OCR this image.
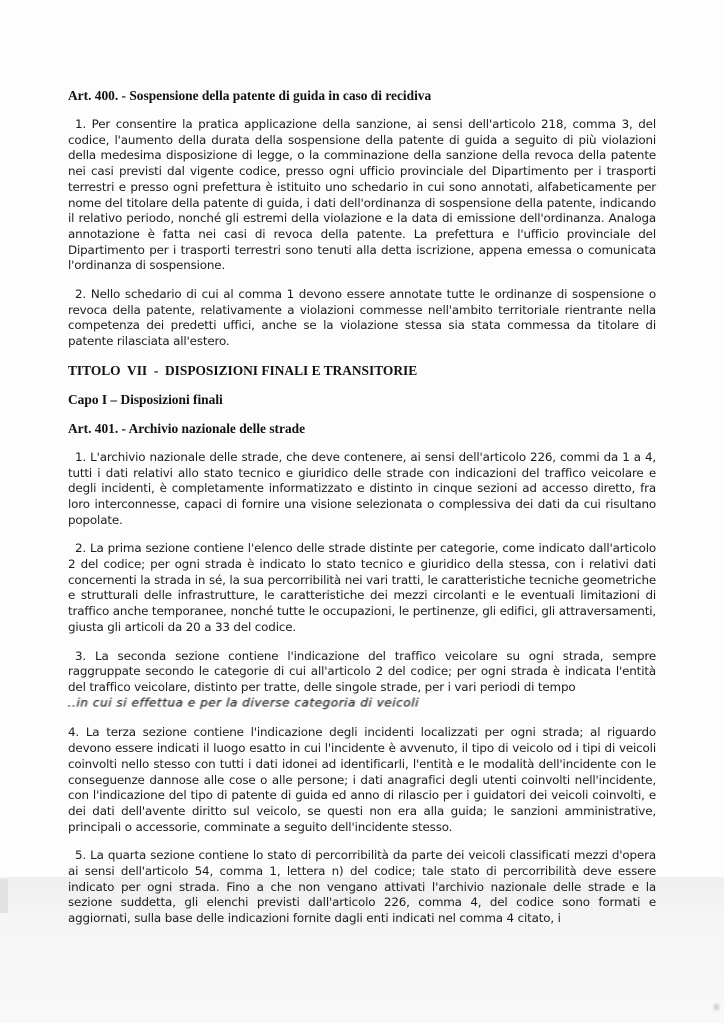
Art. 400. - Sospensione della patente di guida in caso di recidiva

1. Per consentire la pratica applicazione della sanzione, ai sensi dell'articolo 218, comma 3, del codice, l'aumento della durata della sospensione della patente di guida a seguito di più violazioni della medesima disposizione di legge, o la comminazione della sanzione della revoca della patente nei casi previsti dal vigente codice, presso ogni ufficio provinciale del Dipartimento per i trasporti terrestri e presso ogni prefettura è istituito uno schedario in cui sono annotati, alfabeticamente per nome del titolare della patente di guida, i dati dell'ordinanza di sospensione della patente, indicando il relativo periodo, nonché gli estremi della violazione e la data di emissione dell'ordinanza. Analoga annotazione è fatta nei casi di revoca della patente. La prefettura e l'ufficio provinciale del Dipartimento per i trasporti terrestri sono tenuti alla detta iscrizione, appena emessa o comunicata l'ordinanza di sospensione.

2. Nello schedario di cui al comma 1 devono essere annotate tutte le ordinanze di sospensione o revoca della patente, relativamente a violazioni commesse nell'ambito territoriale rientrante nella competenza dei predetti uffici, anche se la violazione stessa sia stata commessa da titolare di patente rilasciata all'estero.

TITOLO  VII  -  DISPOSIZIONI FINALI E TRANSITORIE
Capo I – Disposizioni finali
Art. 401. - Archivio nazionale delle strade

1. L'archivio nazionale delle strade, che deve contenere, ai sensi dell'articolo 226, commi da 1 a 4, tutti i dati relativi allo stato tecnico e giuridico delle strade con indicazioni del traffico veicolare e degli incidenti, è completamente informatizzato e distinto in cinque sezioni ad accesso diretto, fra loro interconnesse, capaci di fornire una visione selezionata o complessiva dei dati da cui risultano popolate.

2. La prima sezione contiene l'elenco delle strade distinte per categorie, come indicato dall'articolo 2 del codice; per ogni strada è indicato lo stato tecnico e giuridico della stessa, con i relativi dati concernenti la strada in sé, la sua percorribilità nei vari tratti, le caratteristiche tecniche geometriche e strutturali delle infrastrutture, le caratteristiche dei mezzi circolanti e le eventuali limitazioni di traffico anche temporanee, nonché tutte le occupazioni, le pertinenze, gli edifici, gli attraversamenti, giusta gli articoli da 20 a 33 del codice.

3. La seconda sezione contiene l'indicazione del traffico veicolare su ogni strada, sempre raggruppate secondo le categorie di cui all'articolo 2 del codice; per ogni strada è indicata l'entità del traffico veicolare, distinto per tratte, delle singole strade, per i vari periodi di tempo

..in cui si effettua e per la diverse categoria di veicoli

4. La terza sezione contiene l'indicazione degli incidenti localizzati per ogni strada; al riguardo devono essere indicati il luogo esatto in cui l'incidente è avvenuto, il tipo di veicolo od i tipi di veicoli coinvolti nello stesso con tutti i dati idonei ad identificarli, l'entità e le modalità dell'incidente con le conseguenze dannose alle cose o alle persone; i dati anagrafici degli utenti coinvolti nell'incidente, con l'indicazione del tipo di patente di guida ed anno di rilascio per i guidatori dei veicoli coinvolti, e dei dati dell'avente diritto sul veicolo, se questi non era alla guida; le sanzioni amministrative, principali o accessorie, comminate a seguito dell'incidente stesso.

5. La quarta sezione contiene lo stato di percorribilità da parte dei veicoli classificati mezzi d'opera ai sensi dell'articolo 54, comma 1, lettera n) del codice; tale stato di percorribilità deve essere indicato per ogni strada. Fino a che non vengano attivati l'archivio nazionale delle strade e la sezione suddetta, gli elenchi previsti dall'articolo 226, comma 4, del codice sono formati e aggiornati, sulla base delle indicazioni fornite dagli enti indicati nel comma 4 citato, i
